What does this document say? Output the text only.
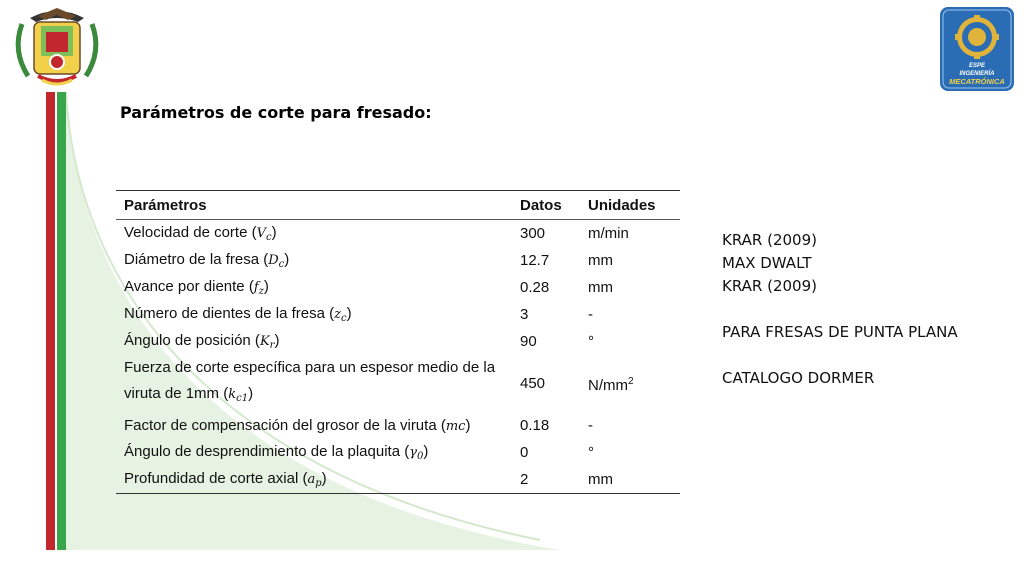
ESPE
INGENIERÍA
MECATRÓNICA
Parámetros de corte para fresado:
Parámetros	Datos	Unidades
Velocidad de corte $(V_c)$	300	m/min
Diámetro de la fresa $(D_c)$	12.7	mm
Avance por diente $(f_z)$	0.28	mm
Número de dientes de la fresa $(z_c)$	3	-
Ángulo de posición $(K_r)$	90	°
Fuerza de corte específica para un espesor medio de la
viruta de 1mm $(k_{c1})$	450	$N/mm^2$
Factor de compensación del grosor de la viruta (mc)	0.18	-
Ángulo de desprendimiento de la plaquita $(\gamma_0)$	0	°
Profundidad de corte axial $(a_p)$	2	mm
KRAR (2009)
MAX DWALT
KRAR (2009)
PARA FRESAS DE PUNTA PLANA
CATALOGO DORMER
